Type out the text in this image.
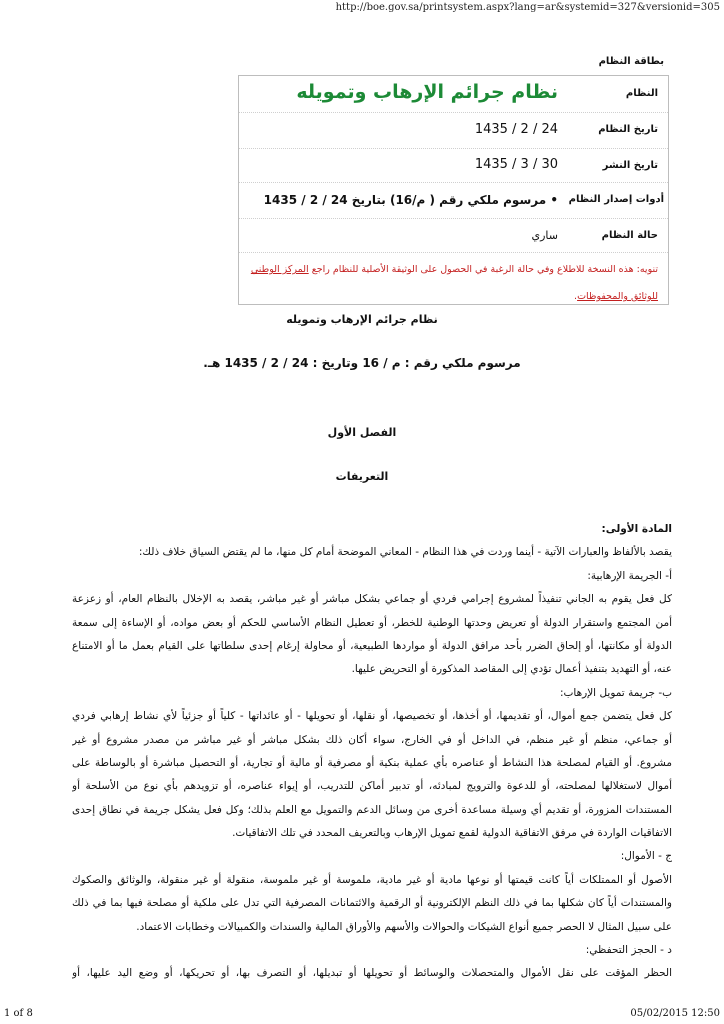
http://boe.gov.sa/printsystem.aspx?lang=ar&systemid=327&versionid=305
بطاقة النظام
النظام
نظام جرائم الإرهاب وتمويله
تاريخ النظام
1435 / 2 / 24
تاريخ النشر
1435 / 3 / 30
أدوات إصدار النظام
• مرسوم ملكي رقم ( م/16) بتاريخ 24 / 2 / 1435
حالة النظام
ساري
تنويه: هذه النسخة للاطلاع وفي حالة الرغبة في الحصول على الوثيقة الأصلية للنظام راجع المركز الوطني للوثائق والمحفوظات.
نظام جرائم الإرهاب وتمويله
مرسوم ملكي رقم : م / 16 وتاريخ : 24 / 2 / 1435 هـ.
الفصل الأول
التعريفات
المادة الأولى:
يقصد بالألفاظ والعبارات الآتية - أينما وردت في هذا النظام - المعاني الموضحة أمام كل منها، ما لم يقتض السياق خلاف ذلك:
أ- الجريمة الإرهابية:
كل فعل يقوم به الجاني تنفيذاً لمشروع إجرامي فردي أو جماعي بشكل مباشر أو غير مباشر، يقصد به الإخلال بالنظام العام، أو زعزعة
أمن المجتمع واستقرار الدولة أو تعريض وحدتها الوطنية للخطر، أو تعطيل النظام الأساسي للحكم أو بعض مواده، أو الإساءة إلى سمعة
الدولة أو مكانتها، أو إلحاق الضرر بأحد مرافق الدولة أو مواردها الطبيعية، أو محاولة إرغام إحدى سلطاتها على القيام بعمل ما أو الامتناع
عنه، أو التهديد بتنفيذ أعمال تؤدي إلى المقاصد المذكورة أو التحريض عليها.
ب- جريمة تمويل الإرهاب:
كل فعل يتضمن جمع أموال، أو تقديمها، أو أخذها، أو تخصيصها، أو نقلها، أو تحويلها - أو عائداتها - كلياً أو جزئياً لأي نشاط إرهابي فردي
أو جماعي، منظم أو غير منظم، في الداخل أو في الخارج، سواء أكان ذلك بشكل مباشر أو غير مباشر من مصدر مشروع أو غير
مشروع. أو القيام لمصلحة هذا النشاط أو عناصره بأي عملية بنكية أو مصرفية أو مالية أو تجارية، أو التحصيل مباشرة أو بالوساطة على
أموال لاستغلالها لمصلحته، أو للدعوة والترويج لمبادئه، أو تدبير أماكن للتدريب، أو إيواء عناصره، أو تزويدهم بأي نوع من الأسلحة أو
المستندات المزورة، أو تقديم أي وسيلة مساعدة أخرى من وسائل الدعم والتمويل مع العلم بذلك؛ وكل فعل يشكل جريمة في نطاق إحدى
الاتفاقيات الواردة في مرفق الاتفاقية الدولية لقمع تمويل الإرهاب وبالتعريف المحدد في تلك الاتفاقيات.
ج - الأموال:
الأصول أو الممتلكات أياً كانت قيمتها أو نوعها مادية أو غير مادية، ملموسة أو غير ملموسة، منقولة أو غير منقولة، والوثائق والصكوك
والمستندات أياً كان شكلها بما في ذلك النظم الإلكترونية أو الرقمية والائتمانات المصرفية التي تدل على ملكية أو مصلحة فيها بما في ذلك
على سبيل المثال لا الحصر جميع أنواع الشيكات والحوالات والأسهم والأوراق المالية والسندات والكمبيالات وخطابات الاعتماد.
د - الحجز التحفظي:
الحظر المؤقت على نقل الأموال والمتحصلات والوسائط أو تحويلها أو تبديلها، أو التصرف بها، أو تحريكها، أو وضع اليد عليها، أو
1 of 8	05/02/2015 12:50
